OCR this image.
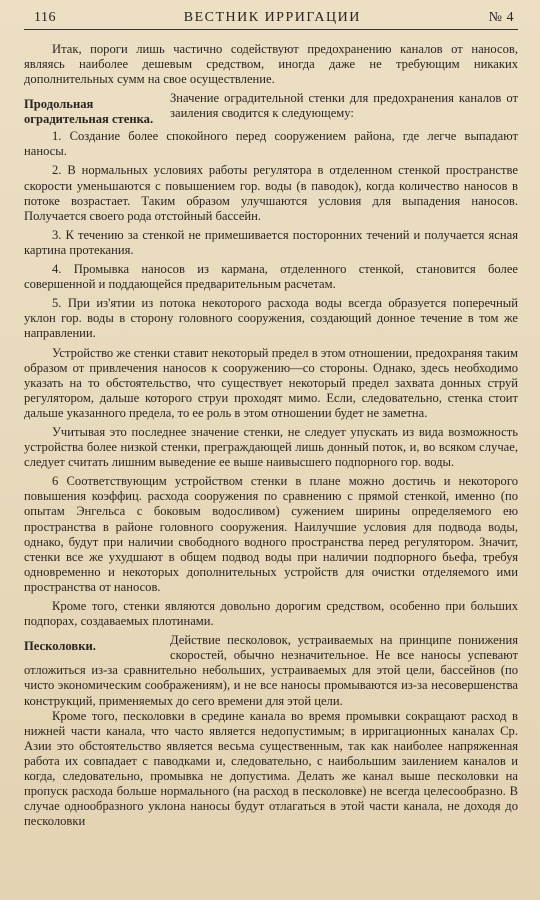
116	ВЕСТНИК ИРРИГАЦИИ	№ 4

Итак, пороги лишь частично содействуют предохранению каналов от наносов, являясь наиболее дешевым средством, иногда даже не требующим никаких дополнительных сумм на свое осуществление.

Продольная оградительная стенка.

Значение оградительной стенки для предохранения каналов от заиления сводится к следующему:

1. Создание более спокойного перед сооружением района, где легче выпадают наносы.

2. В нормальных условиях работы регулятора в отделенном стенкой пространстве скорости уменьшаются с повышением гор. воды (в паводок), когда количество наносов в потоке возрастает. Таким образом улучшаются условия для выпадения наносов. Получается своего рода отстойный бассейн.

3. К течению за стенкой не примешивается посторонних течений и получается ясная картина протекания.

4. Промывка наносов из кармана, отделенного стенкой, становится более совершенной и поддающейся предварительным расчетам.

5. При из'ятии из потока некоторого расхода воды всегда образуется поперечный уклон гор. воды в сторону головного сооружения, создающий донное течение в том же направлении.

Устройство же стенки ставит некоторый предел в этом отношении, предохраняя таким образом от привлечения наносов к сооружению—со стороны. Однако, здесь необходимо указать на то обстоятельство, что существует некоторый предел захвата донных струй регулятором, дальше которого струи проходят мимо. Если, следовательно, стенка стоит дальше указанного предела, то ее роль в этом отношении будет не заметна.

Учитывая это последнее значение стенки, не следует упускать из вида возможность устройства более низкой стенки, преграждающей лишь донный поток, и, во всяком случае, следует считать лишним выведение ее выше наивысшего подпорного гор. воды.

6 Соответствующим устройством стенки в плане можно достичь и некоторого повышения коэффиц. расхода сооружения по сравнению с прямой стенкой, именно (по опытам Энгельса с боковым водосливом) сужением ширины определяемого ею пространства в районе головного сооружения. Наилучшие условия для подвода воды, однако, будут при наличии свободного водного пространства перед регулятором. Значит, стенки все же ухудшают в общем подвод воды при наличии подпорного бьефа, требуя одновременно и некоторых дополнительных устройств для очистки отделяемого ими пространства от наносов.

Кроме того, стенки являются довольно дорогим средством, особенно при больших подпорах, создаваемых плотинами.

Песколовки.	Действие песколовок, устраиваемых на принципе понижения скоростей, обычно незначительное. Не все наносы успевают отложиться из-за сравнительно небольших, устраиваемых для этой цели, бассейнов (по чисто экономическим соображениям), и не все наносы промываются из-за несовершенства конструкций, применяемых до сего времени для этой цели.

Кроме того, песколовки в средине канала во время промывки сокращают расход в нижней части канала, что часто является недопустимым; в ирригационных каналах Ср. Азии это обстоятельство является весьма существенным, так как наиболее напряженная работа их совпадает с паводками и, следовательно, с наибольшим заилением каналов и когда, следовательно, промывка не допустима. Делать же канал выше песколовки на пропуск расхода больше нормального (на расход в песколовке) не всегда целесообразно. В случае однообразного уклона наносы будут отлагаться в этой части канала, не доходя до песколовки
